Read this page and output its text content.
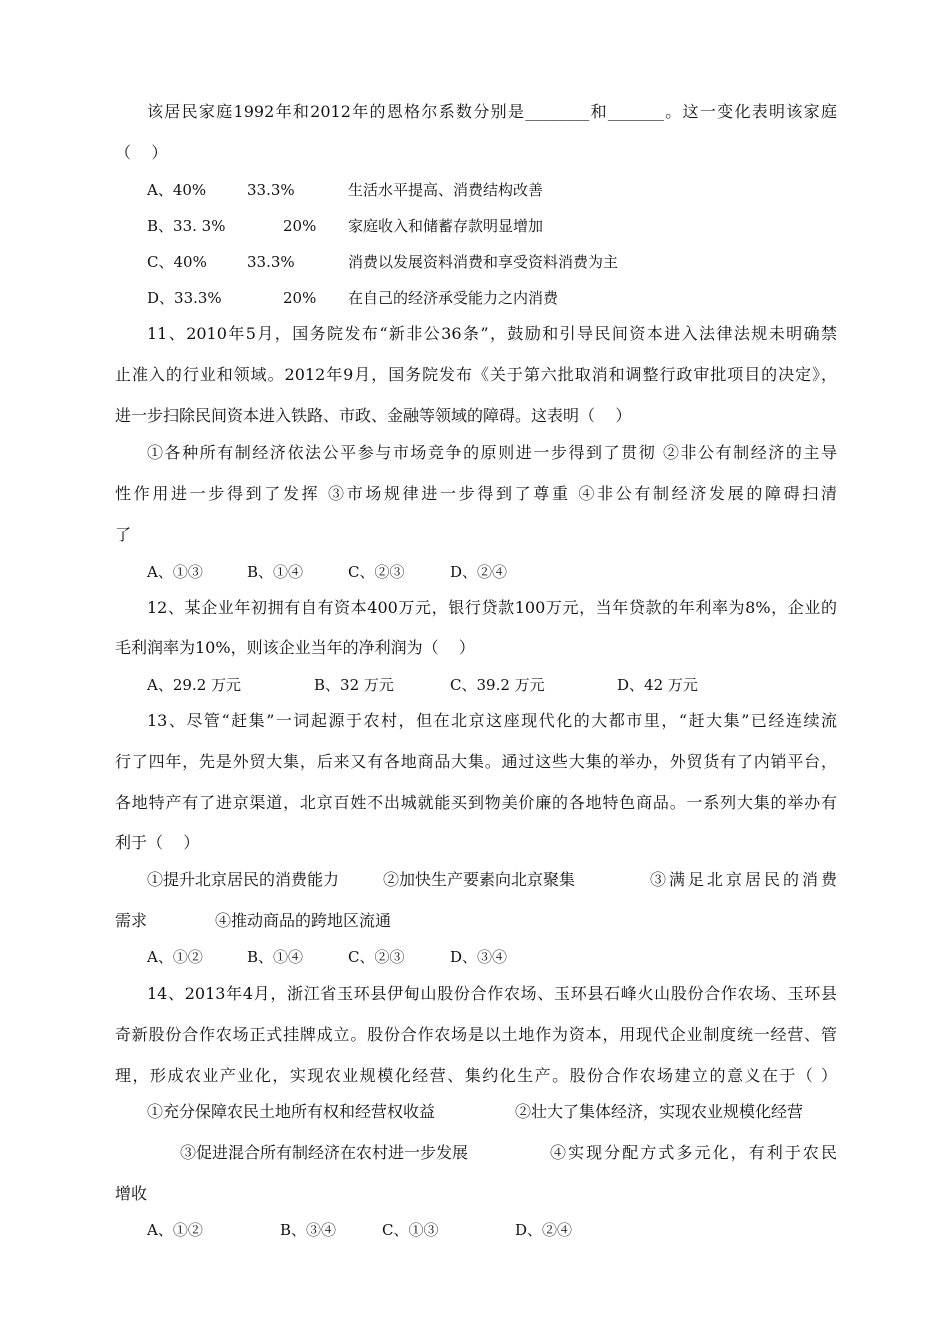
该居民家庭1992年和2012年的恩格尔系数分别是________和_______。这一变化表明该家庭
（    ）
A、40%	33.3%	生活水平提高、消费结构改善
B、33. 3%	20% 家庭收入和储蓄存款明显增加
C、40%	33.3%	消费以发展资料消费和享受资料消费为主
D、33.3%	20% 在自己的经济承受能力之内消费
11、2010年5月，国务院发布“新非公36条”，鼓励和引导民间资本进入法律法规未明确禁
止准入的行业和领域。2012年9月，国务院发布《关于第六批取消和调整行政审批项目的决定》，
进一步扫除民间资本进入铁路、市政、金融等领域的障碍。这表明（    ）
①各种所有制经济依法公平参与市场竞争的原则进一步得到了贯彻 ②非公有制经济的主导
性作用进一步得到了发挥 ③市场规律进一步得到了尊重 ④非公有制经济发展的障碍扫清
了
A、①③	B、①④	C、②③	D、②④
12、某企业年初拥有自有资本400万元，银行贷款100万元，当年贷款的年利率为8%，企业的
毛利润率为10%，则该企业当年的净利润为（    ）
A、29.2 万元	B、32 万元	C、39.2 万元	D、42 万元
13、尽管“赶集”一词起源于农村，但在北京这座现代化的大都市里，“赶大集”已经连续流
行了四年，先是外贸大集，后来又有各地商品大集。通过这些大集的举办，外贸货有了内销平台，
各地特产有了进京渠道，北京百姓不出城就能买到物美价廉的各地特色商品。一系列大集的举办有
利于（    ）
①提升北京居民的消费能力	②加快生产要素向北京聚集	③满足北京居民的消费
需求	④推动商品的跨地区流通
A、①②	B、①④	C、②③	D、③④
14、2013年4月，浙江省玉环县伊甸山股份合作农场、玉环县石峰火山股份合作农场、玉环县
奇新股份合作农场正式挂牌成立。股份合作农场是以土地作为资本，用现代企业制度统一经营、管
理，形成农业产业化，实现农业规模化经营、集约化生产。股份合作农场建立的意义在于（ ）
①充分保障农民土地所有权和经营权收益	②壮大了集体经济，实现农业规模化经营
③促进混合所有制经济在农村进一步发展	④实现分配方式多元化，有利于农民
增收
A、①②	B、③④	C、①③	D、②④
